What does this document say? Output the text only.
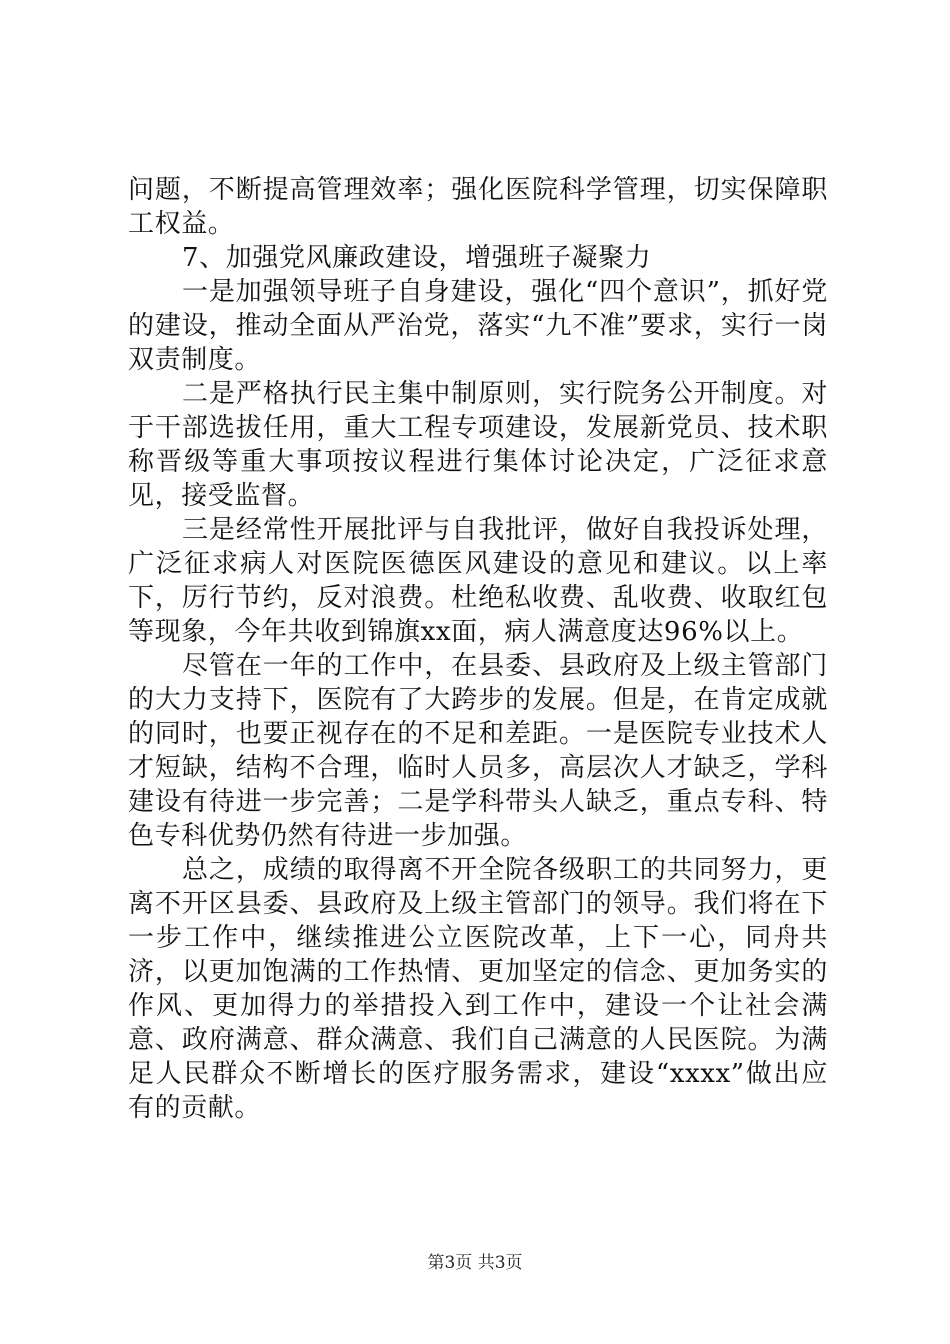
问题，不断提高管理效率；强化医院科学管理，切实保障职工权益。

7、加强党风廉政建设，增强班子凝聚力

一是加强领导班子自身建设，强化“四个意识”，抓好党的建设，推动全面从严治党，落实“九不准”要求，实行一岗双责制度。

二是严格执行民主集中制原则，实行院务公开制度。对于干部选拔任用，重大工程专项建设，发展新党员、技术职称晋级等重大事项按议程进行集体讨论决定，广泛征求意见，接受监督。

三是经常性开展批评与自我批评，做好自我投诉处理，广泛征求病人对医院医德医风建设的意见和建议。以上率下，厉行节约，反对浪费。杜绝私收费、乱收费、收取红包等现象，今年共收到锦旗xx面，病人满意度达96%以上。

尽管在一年的工作中，在县委、县政府及上级主管部门的大力支持下，医院有了大跨步的发展。但是，在肯定成就的同时，也要正视存在的不足和差距。一是医院专业技术人才短缺，结构不合理，临时人员多，高层次人才缺乏，学科建设有待进一步完善；二是学科带头人缺乏，重点专科、特色专科优势仍然有待进一步加强。

总之，成绩的取得离不开全院各级职工的共同努力，更离不开区县委、县政府及上级主管部门的领导。我们将在下一步工作中，继续推进公立医院改革，上下一心，同舟共济，以更加饱满的工作热情、更加坚定的信念、更加务实的作风、更加得力的举措投入到工作中，建设一个让社会满意、政府满意、群众满意、我们自己满意的人民医院。为满足人民群众不断增长的医疗服务需求，建设“xxxx”做出应有的贡献。

第3页 共3页
